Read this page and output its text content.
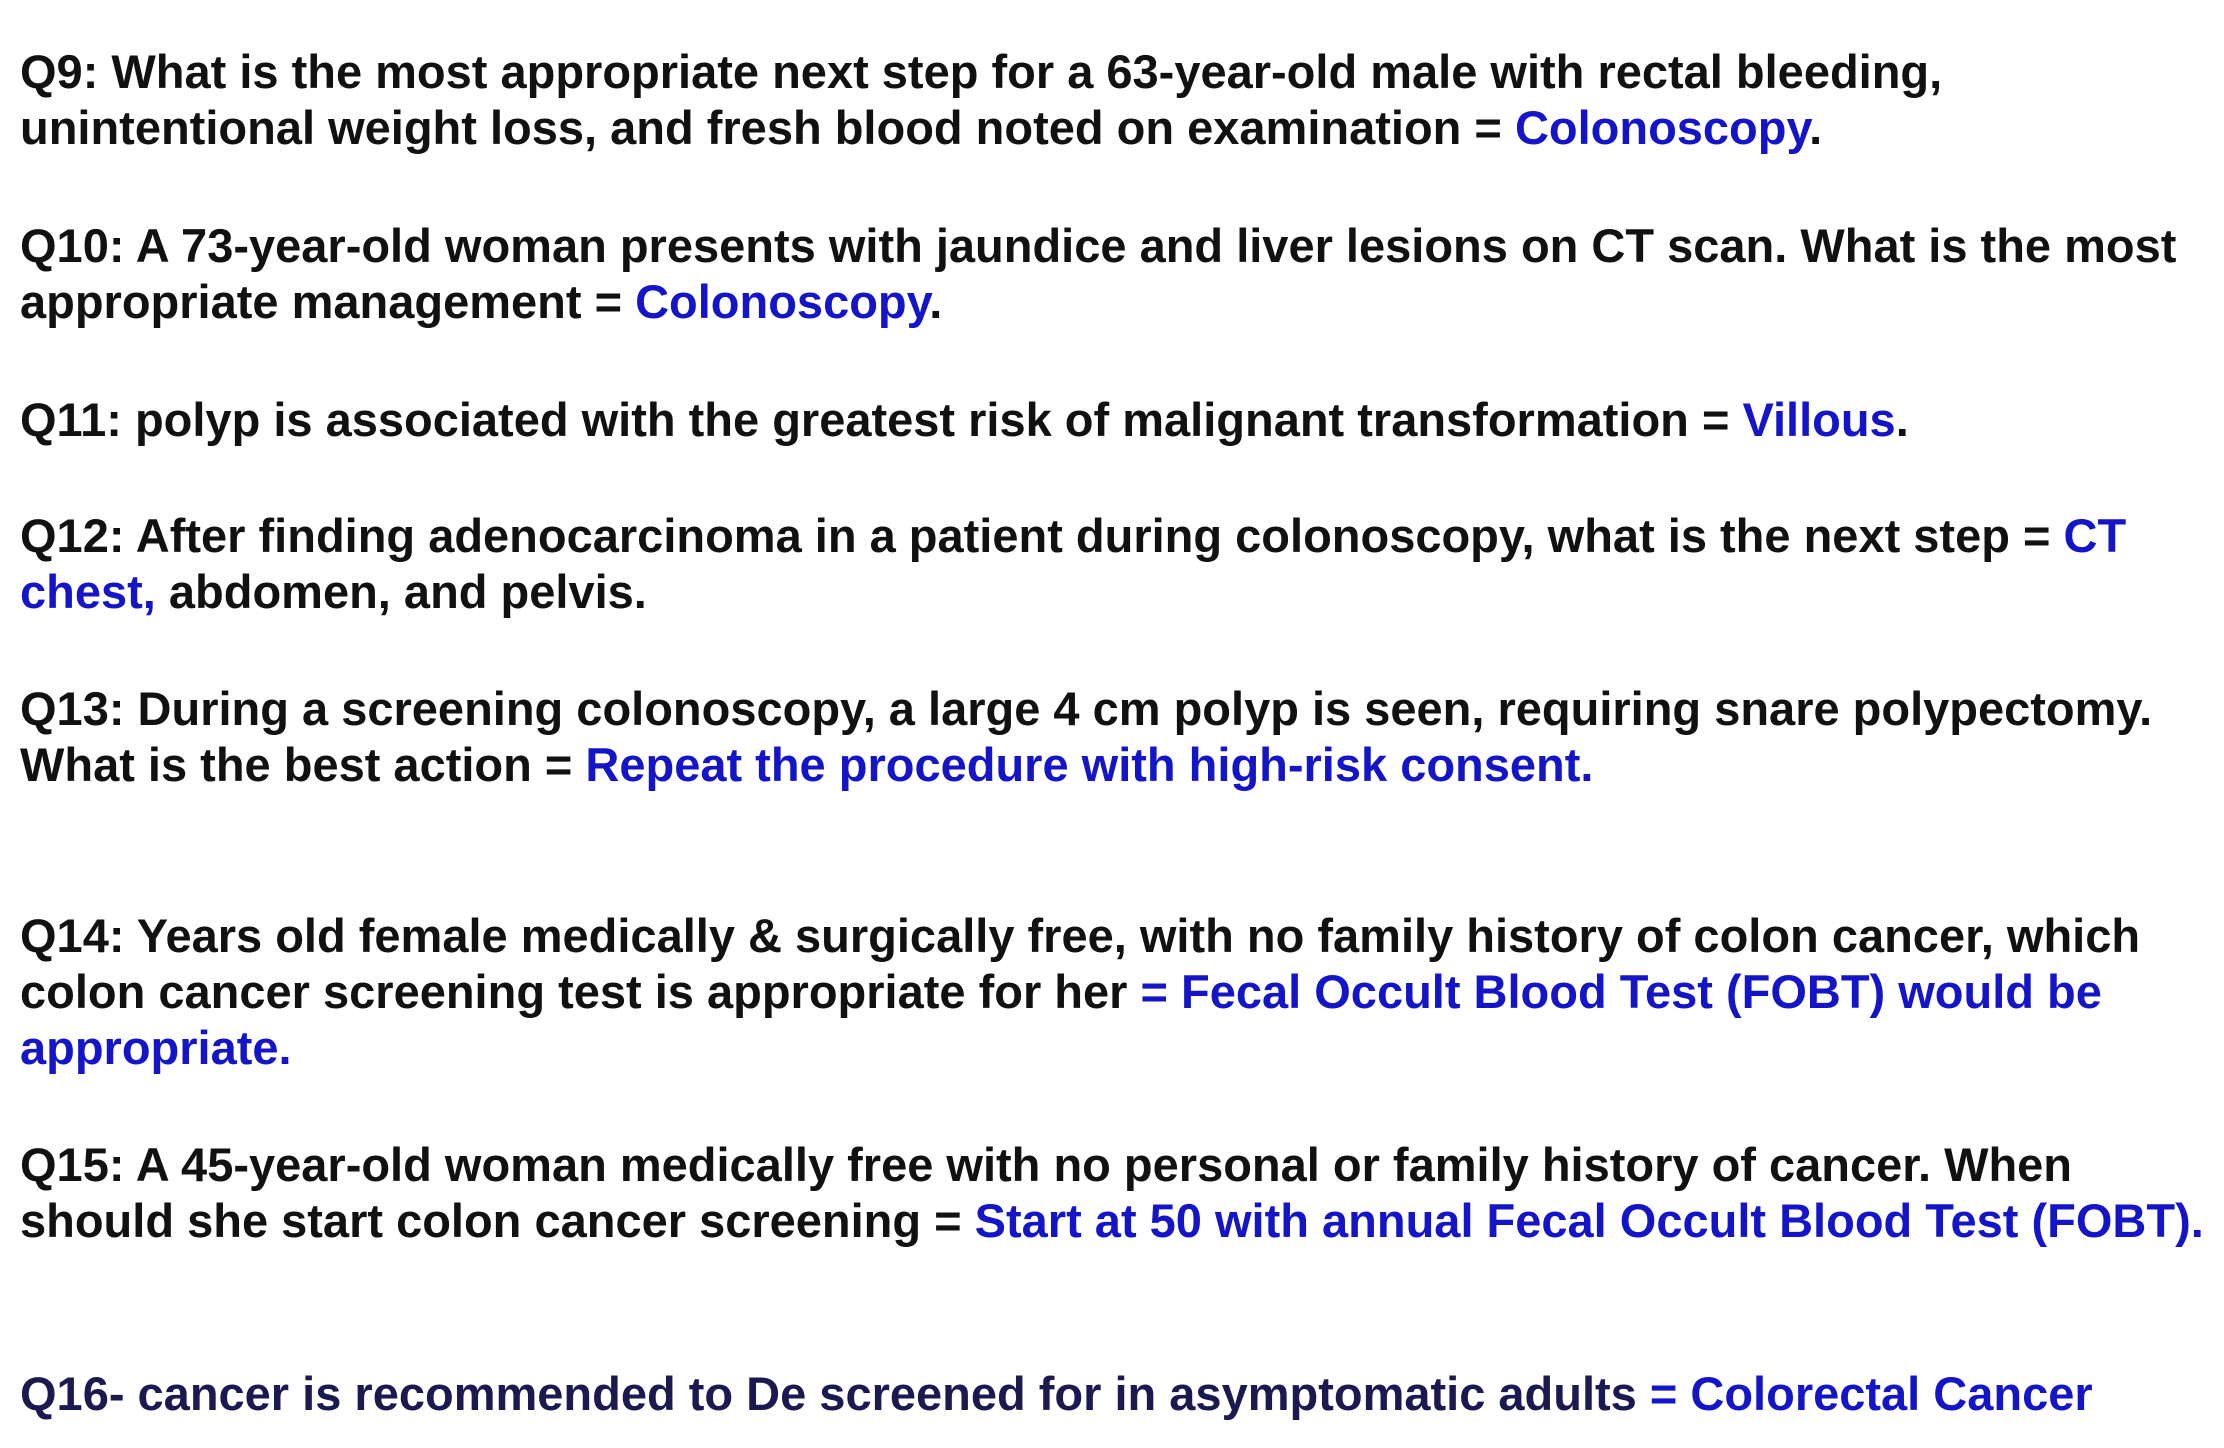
Q9: What is the most appropriate next step for a 63-year-old male with rectal bleeding, unintentional weight loss, and fresh blood noted on examination = Colonoscopy.

Q10: A 73-year-old woman presents with jaundice and liver lesions on CT scan. What is the most appropriate management = Colonoscopy.

Q11: polyp is associated with the greatest risk of malignant transformation = Villous.

Q12: After finding adenocarcinoma in a patient during colonoscopy, what is the next step = CT chest, abdomen, and pelvis.

Q13: During a screening colonoscopy, a large 4 cm polyp is seen, requiring snare polypectomy. What is the best action = Repeat the procedure with high-risk consent.

Q14: Years old female medically & surgically free, with no family history of colon cancer, which colon cancer screening test is appropriate for her = Fecal Occult Blood Test (FOBT) would be appropriate.

Q15: A 45-year-old woman medically free with no personal or family history of cancer. When should she start colon cancer screening = Start at 50 with annual Fecal Occult Blood Test (FOBT).

Q16- cancer is recommended to De screened for in asymptomatic adults = Colorectal Cancer
